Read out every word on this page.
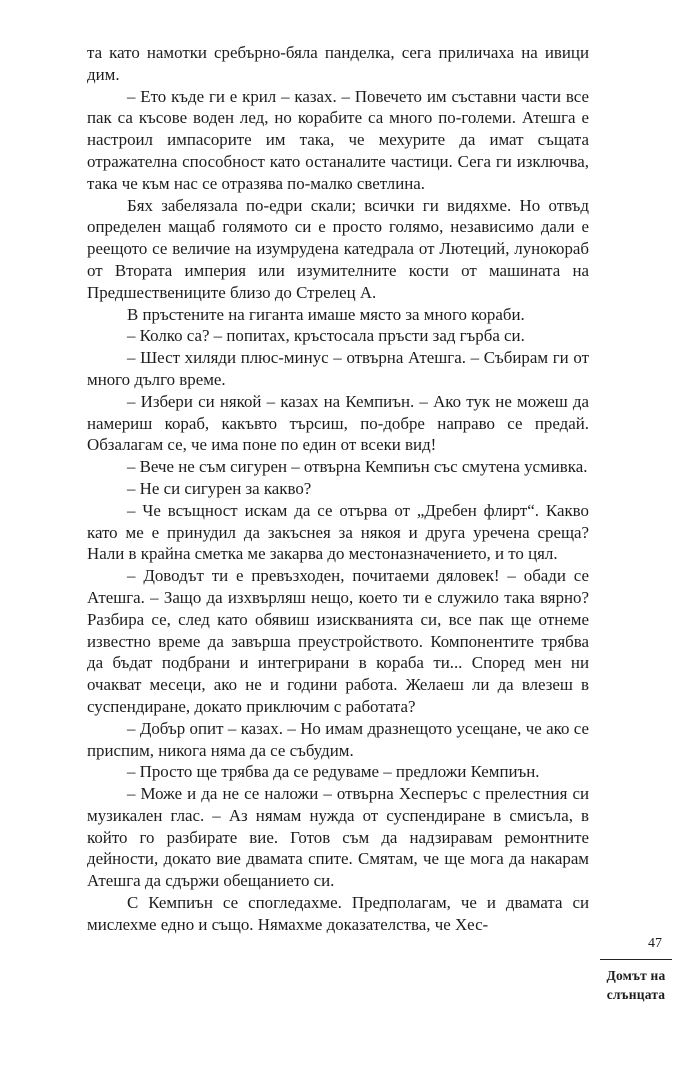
та като намотки сребърно-бяла панделка, сега приличаха на ивици дим.

– Ето къде ги е крил – казах. – Повечето им съставни части все пак са късове воден лед, но корабите са много по-големи. Атешга е настроил импасорите им така, че мехурите да имат същата отражателна способност като останалите частици. Сега ги изключва, така че към нас се отразява по-малко светлина.

Бях забелязала по-едри скали; всички ги видяхме. Но отвъд определен мащаб голямото си е просто голямо, независимо дали е реещото се величие на изумрудена катедрала от Лютеций, лунокораб от Втората империя или изумителните кости от машината на Предшествениците близо до Стрелец А.

В пръстените на гиганта имаше място за много кораби.

– Колко са? – попитах, кръстосала пръсти зад гърба си.

– Шест хиляди плюс-минус – отвърна Атешга. – Събирам ги от много дълго време.

– Избери си някой – казах на Кемпиън. – Ако тук не можеш да намериш кораб, какъвто търсиш, по-добре направо се предай. Обзалагам се, че има поне по един от всеки вид!

– Вече не съм сигурен – отвърна Кемпиън със смутена усмивка.

– Не си сигурен за какво?

– Че всъщност искам да се отърва от „Дребен флирт“. Какво като ме е принудил да закъснея за някоя и друга уречена среща? Нали в крайна сметка ме закарва до местоназначението, и то цял.

– Доводът ти е превъзходен, почитаеми дяловек! – обади се Атешга. – Защо да изхвърляш нещо, което ти е служило така вярно? Разбира се, след като обявиш изискванията си, все пак ще отнеме известно време да завърша преустройството. Компонентите трябва да бъдат подбрани и интегрирани в кораба ти... Според мен ни очакват месеци, ако не и години работа. Желаеш ли да влезеш в суспендиране, докато приключим с работата?

– Добър опит – казах. – Но имам дразнещото усещане, че ако се приспим, никога няма да се събудим.

– Просто ще трябва да се редуваме – предложи Кемпиън.

– Може и да не се наложи – отвърна Хесперъс с прелестния си музикален глас. – Аз нямам нужда от суспендиране в смисъла, в който го разбирате вие. Готов съм да надзиравам ремонтните дейности, докато вие двамата спите. Смятам, че ще мога да накарам Атешга да сдържи обещанието си.

С Кемпиън се спогледахме. Предполагам, че и двамата си мислехме едно и също. Нямахме доказателства, че Хес-

47
Домът на слънцата
